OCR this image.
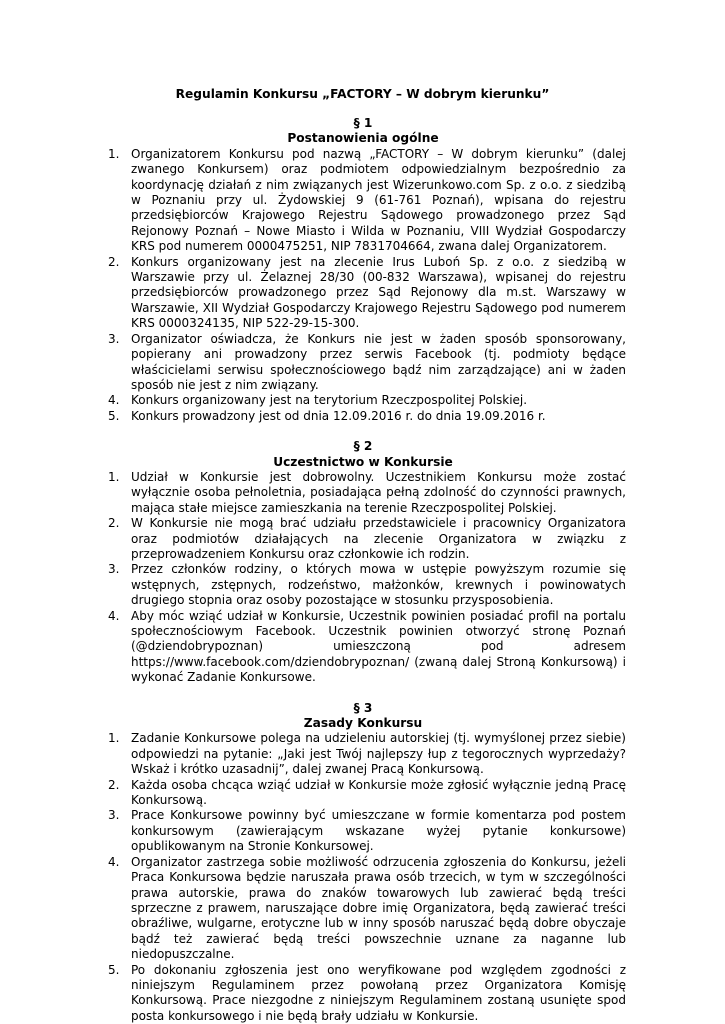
Regulamin Konkursu „FACTORY – W dobrym kierunku”
§ 1
Postanowienia ogólne
1. Organizatorem Konkursu pod nazwą „FACTORY – W dobrym kierunku” (dalej zwanego Konkursem) oraz podmiotem odpowiedzialnym bezpośrednio za koordynację działań z nim związanych jest Wizerunkowo.com Sp. z o.o. z siedzibą w Poznaniu przy ul. Żydowskiej 9 (61-761 Poznań), wpisana do rejestru przedsiębiorców Krajowego Rejestru Sądowego prowadzonego przez Sąd Rejonowy Poznań – Nowe Miasto i Wilda w Poznaniu, VIII Wydział Gospodarczy KRS pod numerem 0000475251, NIP 7831704664, zwana dalej Organizatorem.
2. Konkurs organizowany jest na zlecenie Irus Luboń Sp. z o.o. z siedzibą w Warszawie przy ul. Żelaznej 28/30 (00-832 Warszawa), wpisanej do rejestru przedsiębiorców prowadzonego przez Sąd Rejonowy dla m.st. Warszawy w Warszawie, XII Wydział Gospodarczy Krajowego Rejestru Sądowego pod numerem KRS 0000324135, NIP 522-29-15-300.
3. Organizator oświadcza, że Konkurs nie jest w żaden sposób sponsorowany, popierany ani prowadzony przez serwis Facebook (tj. podmioty będące właścicielami serwisu społecznościowego bądź nim zarządzające) ani w żaden sposób nie jest z nim związany.
4. Konkurs organizowany jest na terytorium Rzeczpospolitej Polskiej.
5. Konkurs prowadzony jest od dnia 12.09.2016 r. do dnia 19.09.2016 r.
§ 2
Uczestnictwo w Konkursie
1. Udział w Konkursie jest dobrowolny. Uczestnikiem Konkursu może zostać wyłącznie osoba pełnoletnia, posiadająca pełną zdolność do czynności prawnych, mająca stałe miejsce zamieszkania na terenie Rzeczpospolitej Polskiej.
2. W Konkursie nie mogą brać udziału przedstawiciele i pracownicy Organizatora oraz podmiotów działających na zlecenie Organizatora w związku z przeprowadzeniem Konkursu oraz członkowie ich rodzin.
3. Przez członków rodziny, o których mowa w ustępie powyższym rozumie się wstępnych, zstępnych, rodzeństwo, małżonków, krewnych i powinowatych drugiego stopnia oraz osoby pozostające w stosunku przysposobienia.
4. Aby móc wziąć udział w Konkursie, Uczestnik powinien posiadać profil na portalu społecznościowym Facebook. Uczestnik powinien otworzyć stronę Poznań (@dziendobrypoznan) umieszczoną pod adresem https://www.facebook.com/dziendobrypoznan/ (zwaną dalej Stroną Konkursową) i wykonać Zadanie Konkursowe.
§ 3
Zasady Konkursu
1. Zadanie Konkursowe polega na udzieleniu autorskiej (tj. wymyślonej przez siebie) odpowiedzi na pytanie: „Jaki jest Twój najlepszy łup z tegorocznych wyprzedaży? Wskaż i krótko uzasadnij”, dalej zwanej Pracą Konkursową.
2. Każda osoba chcąca wziąć udział w Konkursie może zgłosić wyłącznie jedną Pracę Konkursową.
3. Prace Konkursowe powinny być umieszczane w formie komentarza pod postem konkursowym (zawierającym wskazane wyżej pytanie konkursowe) opublikowanym na Stronie Konkursowej.
4. Organizator zastrzega sobie możliwość odrzucenia zgłoszenia do Konkursu, jeżeli Praca Konkursowa będzie naruszała prawa osób trzecich, w tym w szczególności prawa autorskie, prawa do znaków towarowych lub zawierać będą treści sprzeczne z prawem, naruszające dobre imię Organizatora, będą zawierać treści obraźliwe, wulgarne, erotyczne lub w inny sposób naruszać będą dobre obyczaje bądź też zawierać będą treści powszechnie uznane za naganne lub niedopuszczalne.
5. Po dokonaniu zgłoszenia jest ono weryfikowane pod względem zgodności z niniejszym Regulaminem przez powołaną przez Organizatora Komisję Konkursową. Prace niezgodne z niniejszym Regulaminem zostaną usunięte spod posta konkursowego i nie będą brały udziału w Konkursie.
